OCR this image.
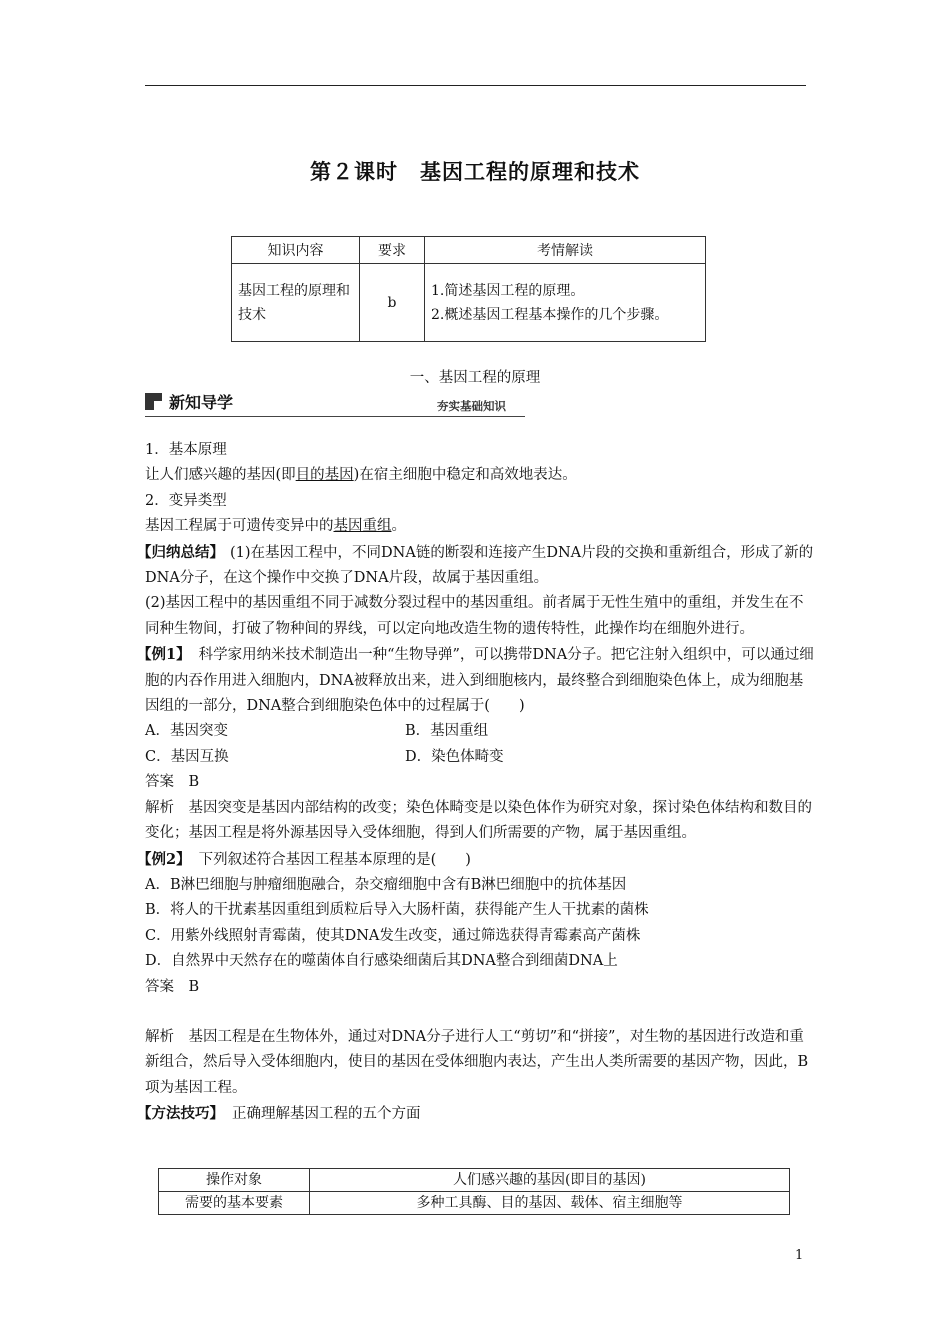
第２课时　基因工程的原理和技术
知识内容	要求	考情解读
基因工程的原理和技术	b	1.简述基因工程的原理。
2.概述基因工程基本操作的几个步骤。
一、基因工程的原理
新知导学	夯实基础知识

1．基本原理

让人们感兴趣的基因(即目的基因)在宿主细胞中稳定和高效地表达。

2．变异类型

基因工程属于可遗传变异中的基因重组。

【归纳总结】 (1)在基因工程中，不同DNA链的断裂和连接产生DNA片段的交换和重新组合，形成了新的DNA分子，在这个操作中交换了DNA片段，故属于基因重组。

(2)基因工程中的基因重组不同于减数分裂过程中的基因重组。前者属于无性生殖中的重组，并发生在不同种生物间，打破了物种间的界线，可以定向地改造生物的遗传特性，此操作均在细胞外进行。

【例1】 科学家用纳米技术制造出一种“生物导弹”，可以携带DNA分子。把它注射入组织中，可以通过细胞的内吞作用进入细胞内，DNA被释放出来，进入到细胞核内，最终整合到细胞染色体上，成为细胞基因组的一部分，DNA整合到细胞染色体中的过程属于(　　)

A．基因突变	B．基因重组
C．基因互换	D．染色体畸变

答案　B

解析　基因突变是基因内部结构的改变；染色体畸变是以染色体作为研究对象，探讨染色体结构和数目的变化；基因工程是将外源基因导入受体细胞，得到人们所需要的产物，属于基因重组。

【例2】 下列叙述符合基因工程基本原理的是(　　)

A．B淋巴细胞与肿瘤细胞融合，杂交瘤细胞中含有B淋巴细胞中的抗体基因

B．将人的干扰素基因重组到质粒后导入大肠杆菌，获得能产生人干扰素的菌株

C．用紫外线照射青霉菌，使其DNA发生改变，通过筛选获得青霉素高产菌株

D．自然界中天然存在的噬菌体自行感染细菌后其DNA整合到细菌DNA上

答案　B

解析　基因工程是在生物体外，通过对DNA分子进行人工“剪切”和“拼接”，对生物的基因进行改造和重新组合，然后导入受体细胞内，使目的基因在受体细胞内表达，产生出人类所需要的基因产物，因此，B项为基因工程。

【方法技巧】 正确理解基因工程的五个方面

操作对象	人们感兴趣的基因(即目的基因)
需要的基本要素	多种工具酶、目的基因、载体、宿主细胞等
1
